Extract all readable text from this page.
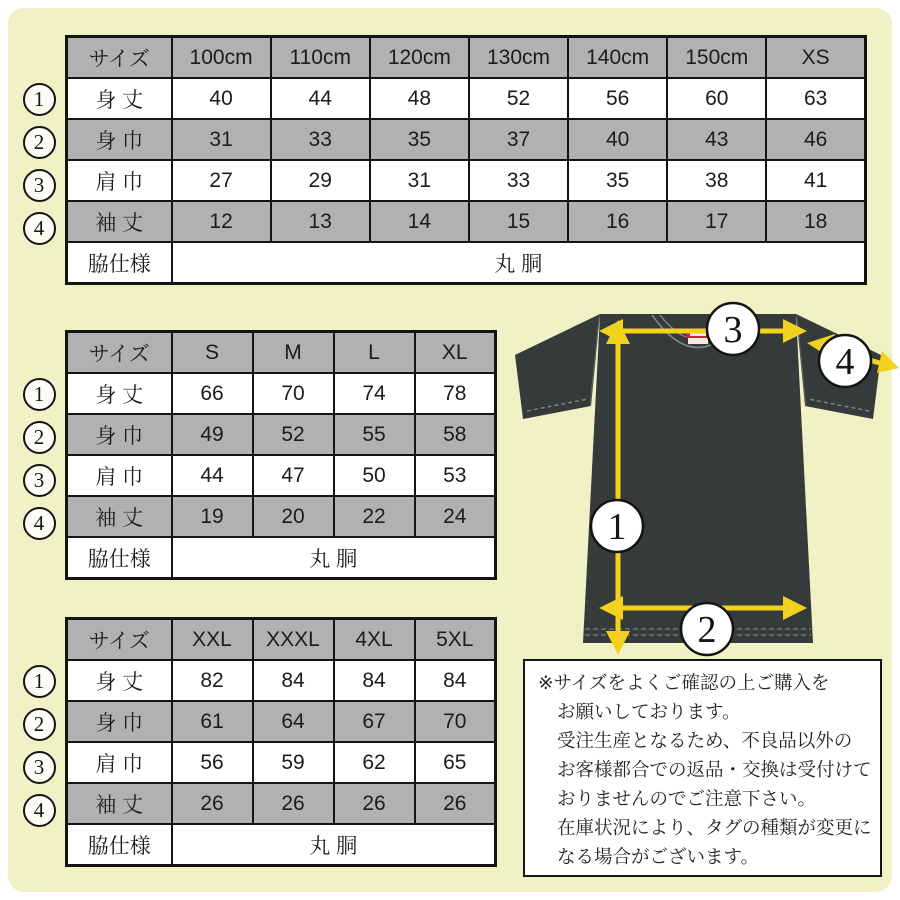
サイズ	100cm	110cm	120cm	130cm	140cm	150cm	XS
身 丈	40	44	48	52	56	60	63
身 巾	31	33	35	37	40	43	46
肩 巾	27	29	31	33	35	38	41
袖 丈	12	13	14	15	16	17	18
脇仕様	丸 胴						
サイズ	S	M	L	XL
身 丈	66	70	74	78
身 巾	49	52	55	58
肩 巾	44	47	50	53
袖 丈	19	20	22	24
脇仕様	丸 胴			
サイズ	XXL	XXXL	4XL	5XL
身 丈	82	84	84	84
身 巾	61	64	67	70
肩 巾	56	59	62	65
袖 丈	26	26	26	26
脇仕様	丸 胴			
1
2
3
4
1
2
3
4
1
2
3
4
3
4
1
2
※サイズをよくご確認の上ご購入を
お願いしております。
受注生産となるため、不良品以外の
お客様都合での返品・交換は受付けて
おりませんのでご注意下さい。
在庫状況により、タグの種類が変更に
なる場合がございます。
